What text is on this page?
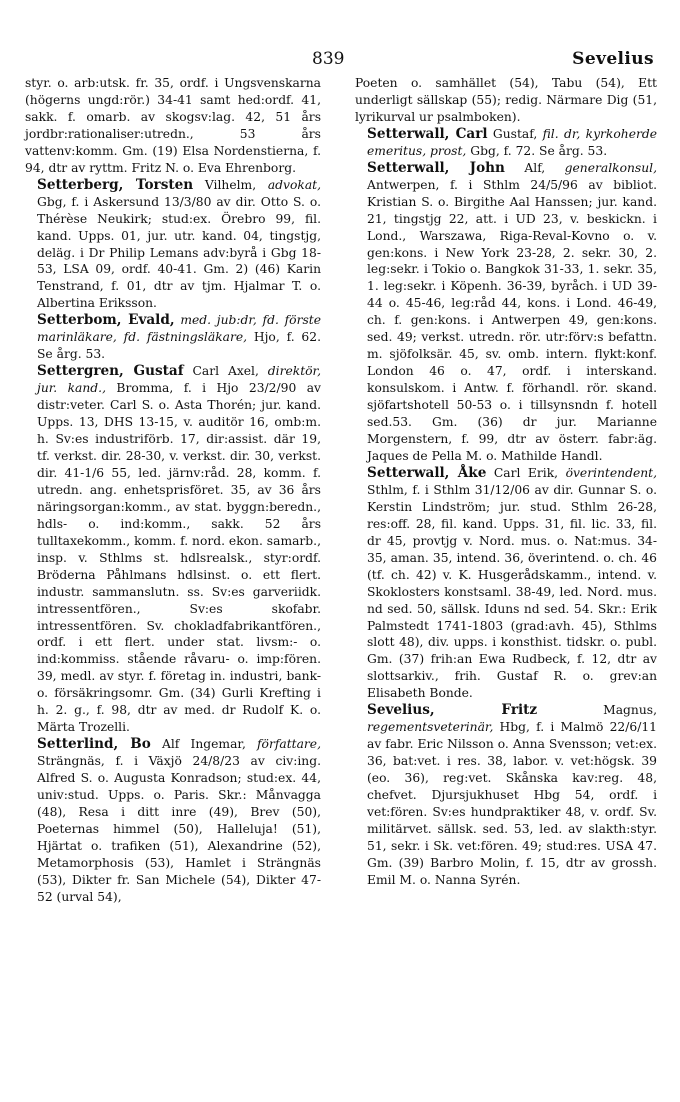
839	Sevelius

styr. o. arb:utsk. fr. 35, ordf. i Ungsvenskarna (högerns ungd:rör.) 34-41 samt hed:ordf. 41, sakk. f. omarb. av skogsv:lag. 42, 51 års jordbr:rationaliser:utredn., 53 års vattenv:komm. Gm. (19) Elsa Nordenstierna, f. 94, dtr av ryttm. Fritz N. o. Eva Ehrenborg.

Setterberg, Torsten Vilhelm, advokat, Gbg, f. i Askersund 13/3/80 av dir. Otto S. o. Thérèse Neukirk; stud:ex. Örebro 99, fil. kand. Upps. 01, jur. utr. kand. 04, tingstjg, deläg. i Dr Philip Lemans adv:byrå i Gbg 18-53, LSA 09, ordf. 40-41. Gm. 2) (46) Karin Tenstrand, f. 01, dtr av tjm. Hjalmar T. o. Albertina Eriksson.

Setterbom, Evald, med. jub:dr, fd. förste marinläkare, fd. fästningsläkare, Hjo, f. 62. Se årg. 53.

Settergren, Gustaf Carl Axel, direktör, jur. kand., Bromma, f. i Hjo 23/2/90 av distr:veter. Carl S. o. Asta Thorén; jur. kand. Upps. 13, DHS 13-15, v. auditör 16, omb:m. h. Sv:es industriförb. 17, dir:assist. där 19, tf. verkst. dir. 28-30, v. verkst. dir. 30, verkst. dir. 41-1/6 55, led. järnv:råd. 28, komm. f. utredn. ang. enhetsprisföret. 35, av 36 års näringsorgan:komm., av stat. byggn:beredn., hdls- o. ind:komm., sakk. 52 års tulltaxekomm., komm. f. nord. ekon. samarb., insp. v. Sthlms st. hdlsrealsk., styr:ordf. Bröderna Påhlmans hdlsinst. o. ett flert. industr. sammanslutn. ss. Sv:es garveriidk. intressentfören., Sv:es skofabr. intressentfören. Sv. chokladfabrikantfören., ordf. i ett flert. under stat. livsm:- o. ind:kommiss. stående råvaru- o. imp:fören. 39, medl. av styr. f. företag in. industri, bank- o. försäkringsomr. Gm. (34) Gurli Krefting i h. 2. g., f. 98, dtr av med. dr Rudolf K. o. Märta Trozelli.

Setterlind, Bo Alf Ingemar, författare, Strängnäs, f. i Växjö 24/8/23 av civ:ing. Alfred S. o. Augusta Konradson; stud:ex. 44, univ:stud. Upps. o. Paris. Skr.: Månvagga (48), Resa i ditt inre (49), Brev (50), Poeternas himmel (50), Halleluja! (51), Hjärtat o. trafiken (51), Alexandrine (52), Metamorphosis (53), Hamlet i Strängnäs (53), Dikter fr. San Michele (54), Dikter 47-52 (urval 54),

Poeten o. samhället (54), Tabu (54), Ett underligt sällskap (55); redig. Närmare Dig (51, lyrikurval ur psalmboken).

Setterwall, Carl Gustaf, fil. dr, kyrkoherde emeritus, prost, Gbg, f. 72. Se årg. 53.

Setterwall, John Alf, generalkonsul, Antwerpen, f. i Sthlm 24/5/96 av bibliot. Kristian S. o. Birgithe Aal Hanssen; jur. kand. 21, tingstjg 22, att. i UD 23, v. beskickn. i Lond., Warszawa, Riga-Reval-Kovno o. v. gen:kons. i New York 23-28, 2. sekr. 30, 2. leg:sekr. i Tokio o. Bangkok 31-33, 1. sekr. 35, 1. leg:sekr. i Köpenh. 36-39, byråch. i UD 39-44 o. 45-46, leg:råd 44, kons. i Lond. 46-49, ch. f. gen:kons. i Antwerpen 49, gen:kons. sed. 49; verkst. utredn. rör. utr:förv:s befattn. m. sjöfolksär. 45, sv. omb. intern. flykt:konf. London 46 o. 47, ordf. i interskand. konsulskom. i Antw. f. förhandl. rör. skand. sjöfartshotell 50-53 o. i tillsynsndn f. hotell sed.53. Gm. (36) dr jur. Marianne Morgenstern, f. 99, dtr av österr. fabr:äg. Jaques de Pella M. o. Mathilde Handl.

Setterwall, Åke Carl Erik, överintendent, Sthlm, f. i Sthlm 31/12/06 av dir. Gunnar S. o. Kerstin Lindström; jur. stud. Sthlm 26-28, res:off. 28, fil. kand. Upps. 31, fil. lic. 33, fil. dr 45, provtjg v. Nord. mus. o. Nat:mus. 34-35, aman. 35, intend. 36, överintend. o. ch. 46 (tf. ch. 42) v. K. Husgerådskamm., intend. v. Skoklosters konstsaml. 38-49, led. Nord. mus. nd sed. 50, sällsk. Iduns nd sed. 54. Skr.: Erik Palmstedt 1741-1803 (grad:avh. 45), Sthlms slott 48), div. upps. i konsthist. tidskr. o. publ. Gm. (37) frih:an Ewa Rudbeck, f. 12, dtr av slottsarkiv., frih. Gustaf R. o. grev:an Elisabeth Bonde.

Sevelius, Fritz Magnus, regementsveterinär, Hbg, f. i Malmö 22/6/11 av fabr. Eric Nilsson o. Anna Svensson; vet:ex. 36, bat:vet. i res. 38, labor. v. vet:högsk. 39 (eo. 36), reg:vet. Skånska kav:reg. 48, chefvet. Djursjukhuset Hbg 54, ordf. i vet:fören. Sv:es hundpraktiker 48, v. ordf. Sv. militärvet. sällsk. sed. 53, led. av slakth:styr. 51, sekr. i Sk. vet:fören. 49; stud:res. USA 47. Gm. (39) Barbro Molin, f. 15, dtr av grossh. Emil M. o. Nanna Syrén.
